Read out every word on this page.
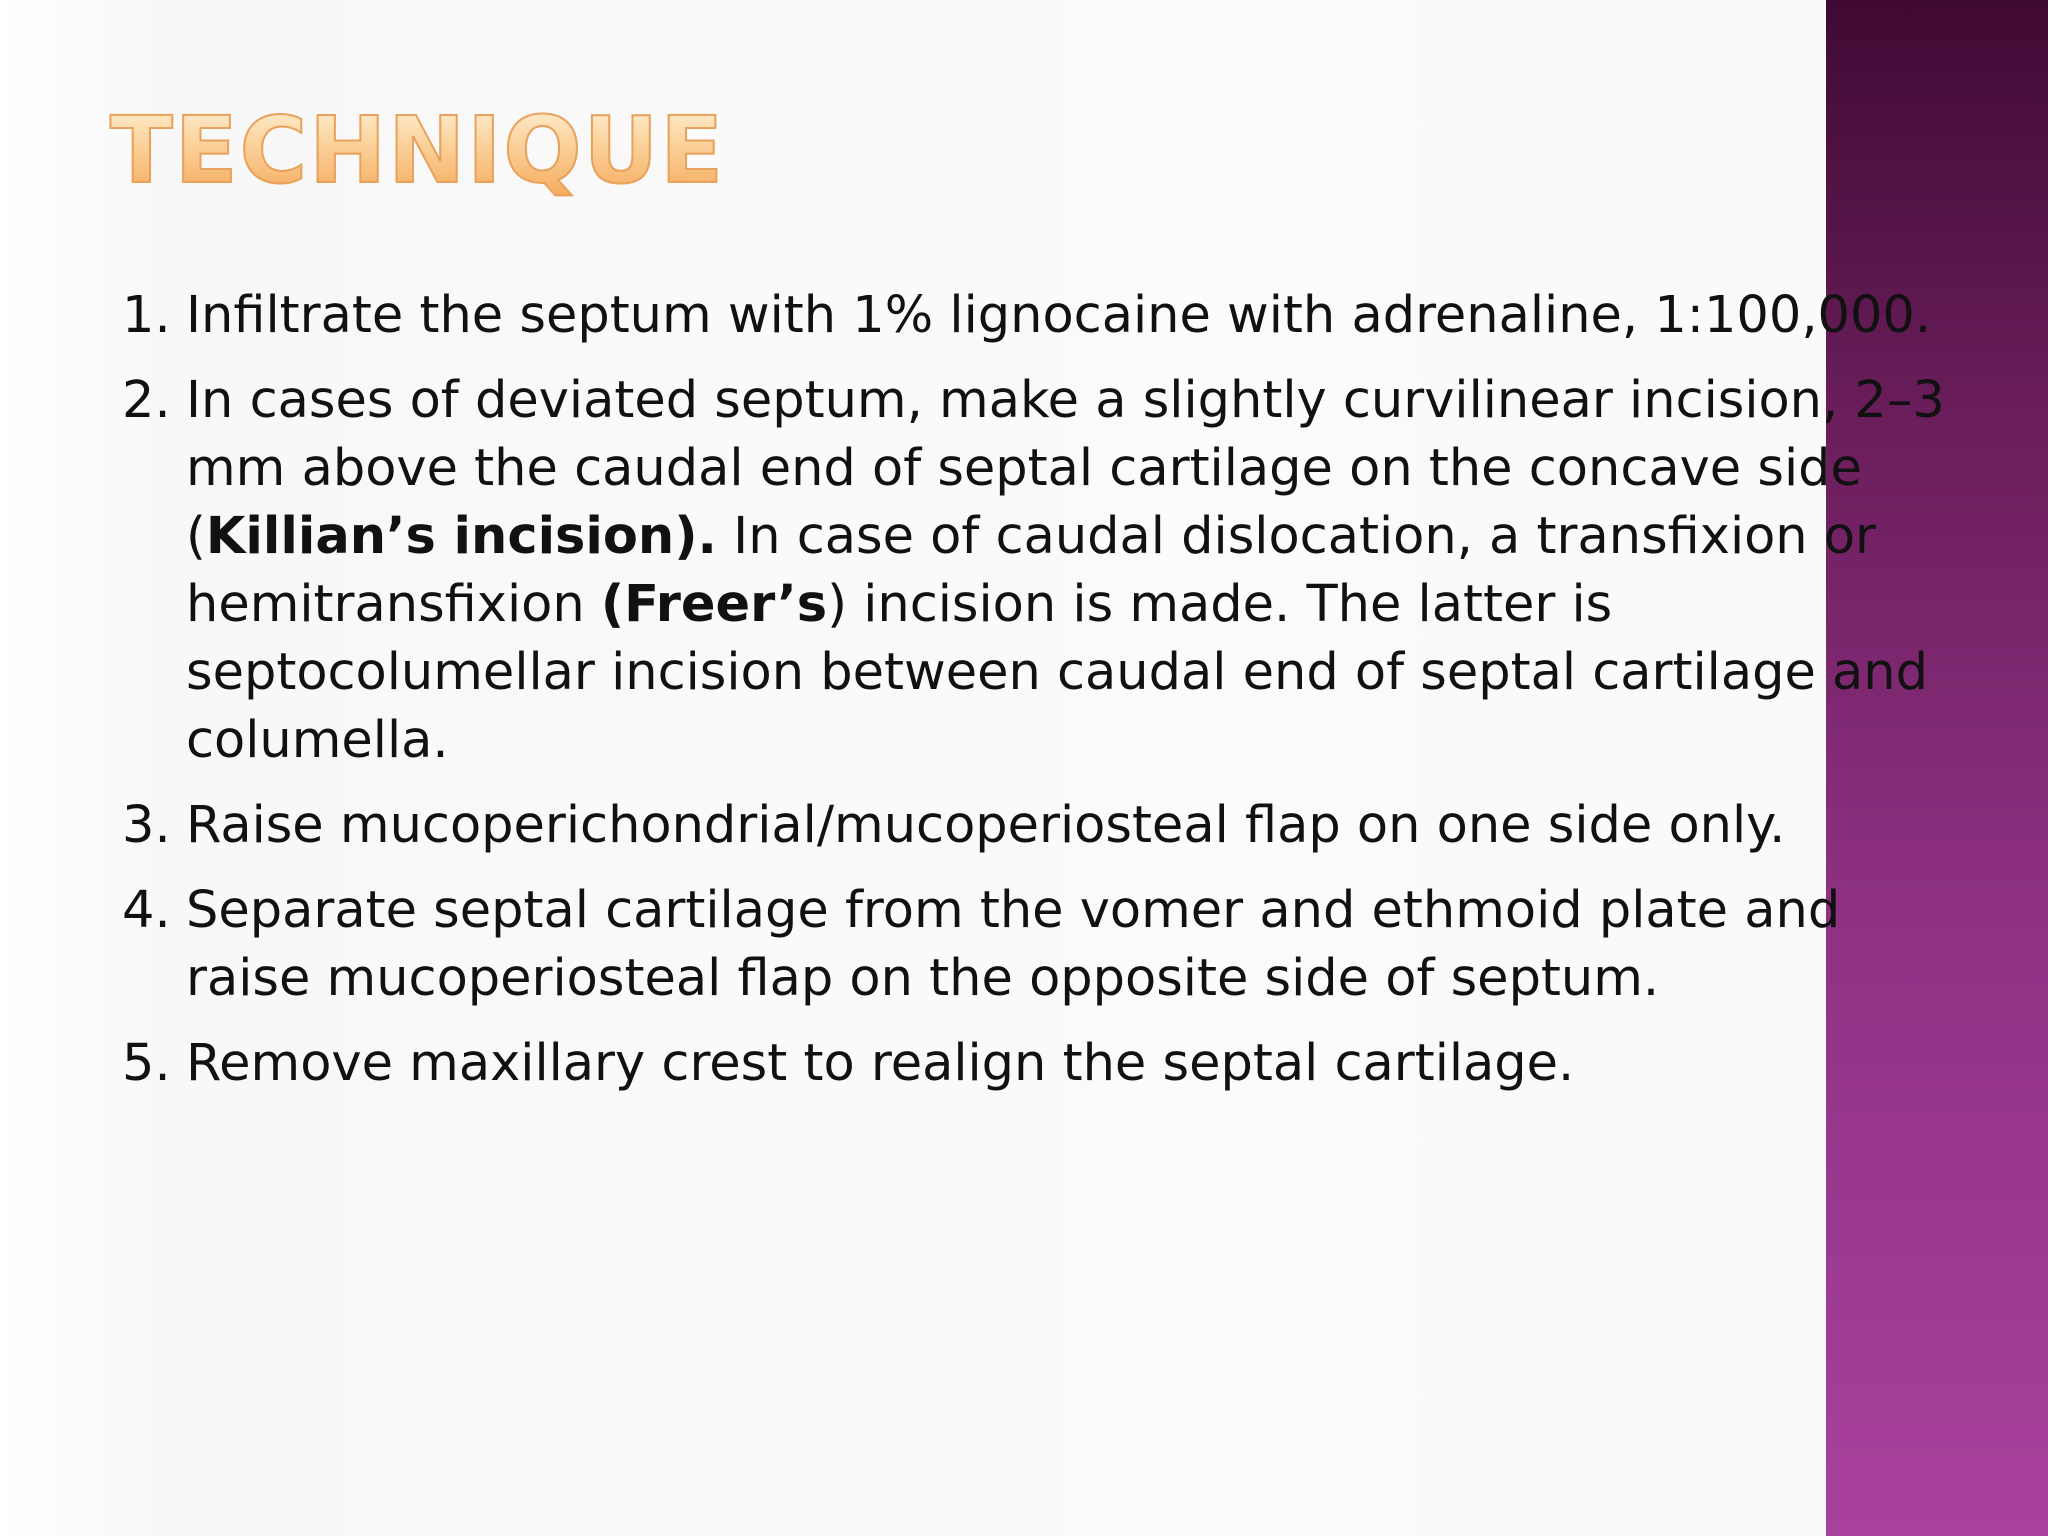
TECHNIQUE
1. Infiltrate the septum with 1% lignocaine with adrenaline, 1:100,000.
2. In cases of deviated septum, make a slightly curvilinear incision, 2–3 mm above the caudal end of septal cartilage on the concave side (Killian’s incision). In case of caudal dislocation, a transfixion or hemitransfixion (Freer’s) incision is made. The latter is septocolumellar incision between caudal end of septal cartilage and columella.
3. Raise mucoperichondrial/mucoperiosteal flap on one side only.
4. Separate septal cartilage from the vomer and ethmoid plate and raise mucoperiosteal flap on the opposite side of septum.
5. Remove maxillary crest to realign the septal cartilage.
